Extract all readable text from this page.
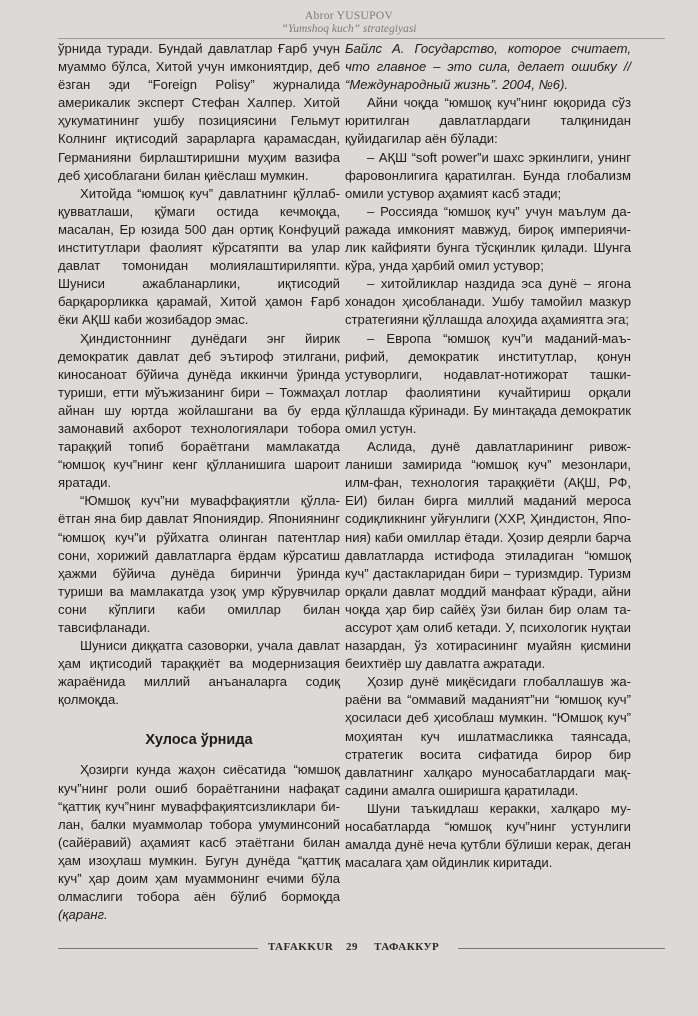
Abror YUSUPOV
“Yumshoq kuch” strategiyasi

ўрнида туради. Бундай давлатлар Ғарб учун муаммо бўлса, Хитой учун имкониятдир, деб ёзган эди “Foreign Polisy” журналида америкалик эксперт Стефан Халпер. Хитой ҳукуматининг ушбу позициясини Гельмут Колнинг иқтисодий зарарларга қарамасдан, Германияни бирлаштиришни муҳим вазифа деб ҳисоблагани билан қиёслаш мумкин.

Хитойда “юмшоқ куч” давлатнинг қўллаб-қувватлаши, қўмаги остида кечмоқда, масалан, Ер юзида 500 дан ортиқ Конфуций институтлари фаолият кўрсатяпти ва улар давлат томонидан молиялаштириляпти. Шуниси ажабланарлики, иқтисодий барқарорликка қарамай, Хитой ҳамон Ғарб ёки АҚШ каби жозибадор эмас.

Ҳиндистоннинг дунёдаги энг йирик демократик давлат деб эътироф этилгани, киносаноат бўйича дунёда иккинчи ўринда туриши, етти мўъжизанинг бири – Тожмаҳал айнан шу юртда жойлашгани ва бу ерда замонавий ахборот технологиялари тобора тараққий топиб бораётгани мамлакатда “юмшоқ куч”нинг кенг қўлланишига шароит яратади.

“Юмшоқ куч”ни муваффақиятли қўллаётган яна бир давлат Япониядир. Япониянинг “юмшоқ куч”и рўйхатга олинган патентлар сони, хорижий давлатларга ёрдам кўрсатиш ҳажми бўйича дунёда биринчи ўринда туриши ва мамлакатда узоқ умр кўрувчилар сони кўплиги каби омиллар билан тавсифланади.

Шуниси диққатга сазоворки, учала давлат ҳам иқтисодий тараққиёт ва модернизация жараёнида миллий анъаналарга содиқ қолмоқда.

Хулоса ўрнида

Ҳозирги кунда жаҳон сиёсатида “юмшоқ куч”нинг роли ошиб бораётганини нафақат “қаттиқ куч”нинг муваффақиятсизликлари билан, балки муаммолар тобора умуминсоний (сайёравий) аҳамият касб этаётгани билан ҳам изоҳлаш мумкин. Бугун дунёда “қаттиқ куч” ҳар доим ҳам муаммонинг ечими бўла олмаслиги тобора аён бўлиб бормоқда (қаранг.

Байлс А. Государство, которое считает, что главное – это сила, делает ошибку // “Международный жизнь”. 2004, №6).

Айни чоқда “юмшоқ куч”нинг юқорида сўз юритилган давлатлардаги талқинидан қуйидагилар аён бўлади:

– АҚШ “soft power”и шахс эркинлиги, унинг фаровонлигига қаратилган. Бунда глобализм омили устувор аҳамият касб этади;

– Россияда “юмшоқ куч” учун маълум даражада имконият мавжуд, бироқ империячилик кайфияти бунга тўсқинлик қилади. Шунга кўра, унда ҳарбий омил устувор;

– хитойликлар наздида эса дунё – ягона хонадон ҳисобланади. Ушбу тамойил мазкур стратегияни қўллашда алоҳида аҳамиятга эга;

– Европа “юмшоқ куч”и маданий-маърифий, демократик институтлар, қонун устуворлиги, нодавлат-нотижорат ташкилотлар фаолиятини кучайтириш орқали қўллашда кўринади. Бу минтақада демократик омил устун.

Аслида, дунё давлатларининг ривожланиши замирида “юмшоқ куч” мезонлари, илм-фан, технология тараққиёти (АҚШ, РФ, ЕИ) билан бирга миллий маданий мероса содиқликнинг уйғунлиги (ХХР, Ҳиндистон, Япония) каби омиллар ётади. Ҳозир деярли барча давлатларда истифода этиладиган “юмшоқ куч” дастакларидан бири – туризмдир. Туризм орқали давлат моддий манфаат кўради, айни чоқда ҳар бир сайёҳ ўзи билан бир олам таассурот ҳам олиб кетади. У, психологик нуқтаи назардан, ўз хотирасининг муайян қисмини беихтиёр шу давлатга ажратади.

Ҳозир дунё миқёсидаги глобаллашув жараёни ва “оммавий маданият”ни “юмшоқ куч” ҳосиласи деб ҳисоблаш мумкин. “Юмшоқ куч” моҳиятан куч ишлатмасликка таянсада, стратегик восита сифатида бирор бир давлатнинг халқаро муносабатлардаги мақсадини амалга оширишга қаратилади.

Шуни таъкидлаш керакки, халқаро муносабатларда “юмшоқ куч”нинг устунлиги амалда дунё неча қутбли бўлиши керак, деган масалага ҳам ойдинлик киритади.

TAFAKKUR 29 ТАФАККУР
